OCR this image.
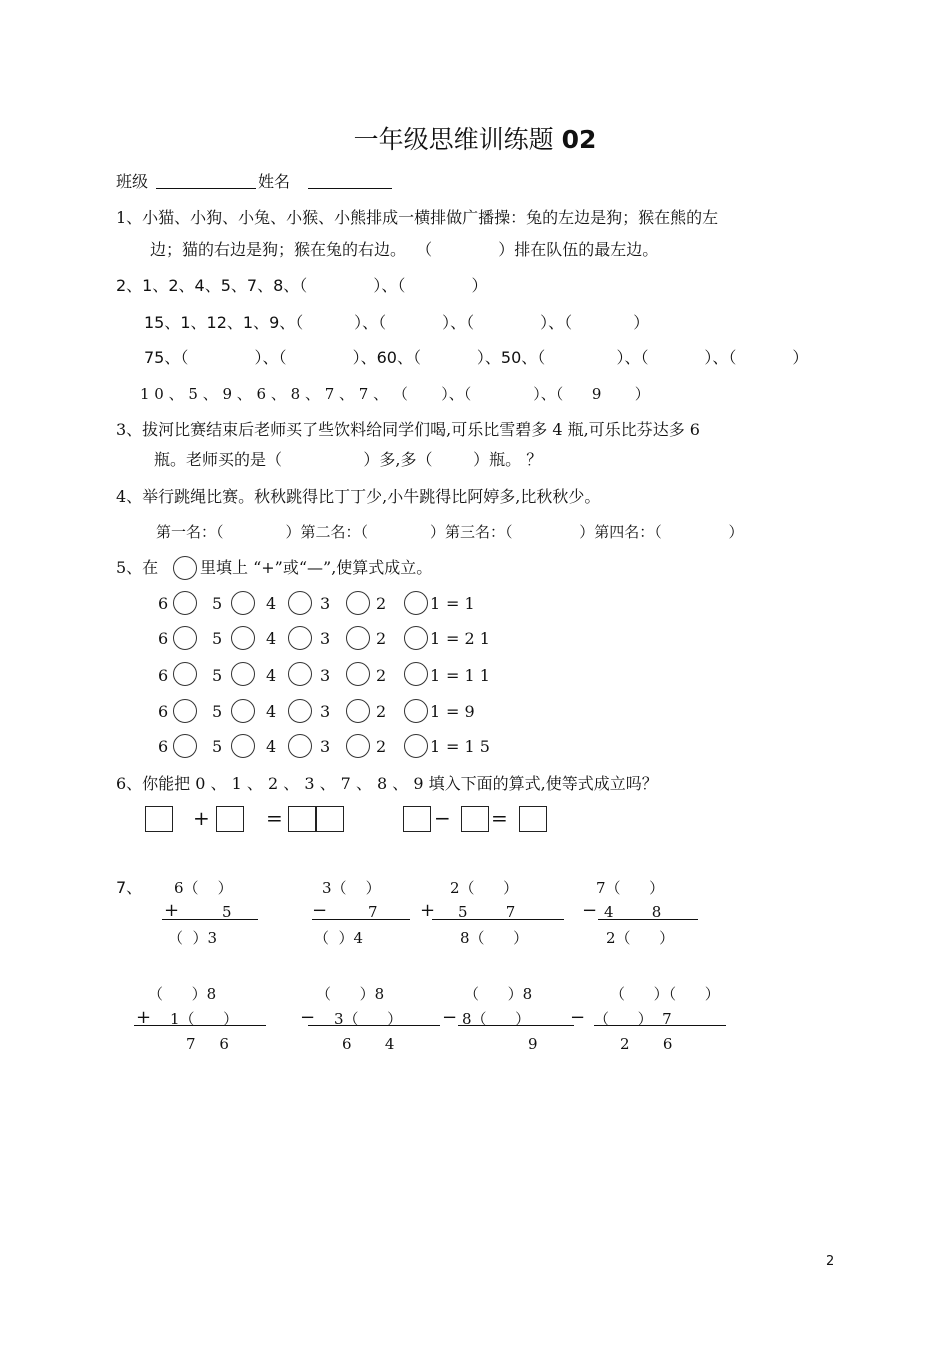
一年级思维训练题 02
班级	姓名
1、小猫、小狗、小兔、小猴、小熊排成一横排做广播操：兔的左边是狗；猴在熊的左
边；猫的右边是狗；猴在兔的右边。  （             ）排在队伍的最左边。
2、1、2、4、5、7、8、（             ）、（             ）
15、1、12、1、9、（          ）、（           ）、（             ）、（            ）
75、（             ）、（             ）、60、（           ）、50、（              ）、（           ）、（           ）
1 0 、 5 、 9 、 6 、 8 、 7 、 7 、 （       ）、（             ）、（      9       ）
3、拔河比赛结束后老师买了些饮料给同学们喝,可乐比雪碧多 4 瓶,可乐比芬达多 6
瓶。老师买的是（                ）多,多（        ）瓶。 ？
4、举行跳绳比赛。秋秋跳得比丁丁少,小牛跳得比阿婷多,比秋秋少。
第一名：（             ）第二名：（             ）第三名：（              ）第四名：（              ）
5、在	里填上 “+”或“—”,使算式成立。
6	5	4	3	2	1 = 1
6	5	4	3	2	1 = 2 1
6	5	4	3	2	1 = 1 1
6	5	4	3	2	1 = 9
6	5	4	3	2	1 = 1 5
6、你能把 0 、 1 、 2 、 3 、 7 、 8 、 9 填入下面的算式,使等式成立吗？
+	=	− =
7、 6（    ）
+	5
（  ）3
3（    ）
−	7
（  ）4
2（      ）
+ 5        7
8（      ）
7（      ）
− 4        8
2（      ）
（      ）8
+ 1（      ）
7     6
（      ）8
− 3（      ）
6       4
（      ）8
− 8（      ）
9
（      ）（      ）
− （      ）  7
2       6
2
